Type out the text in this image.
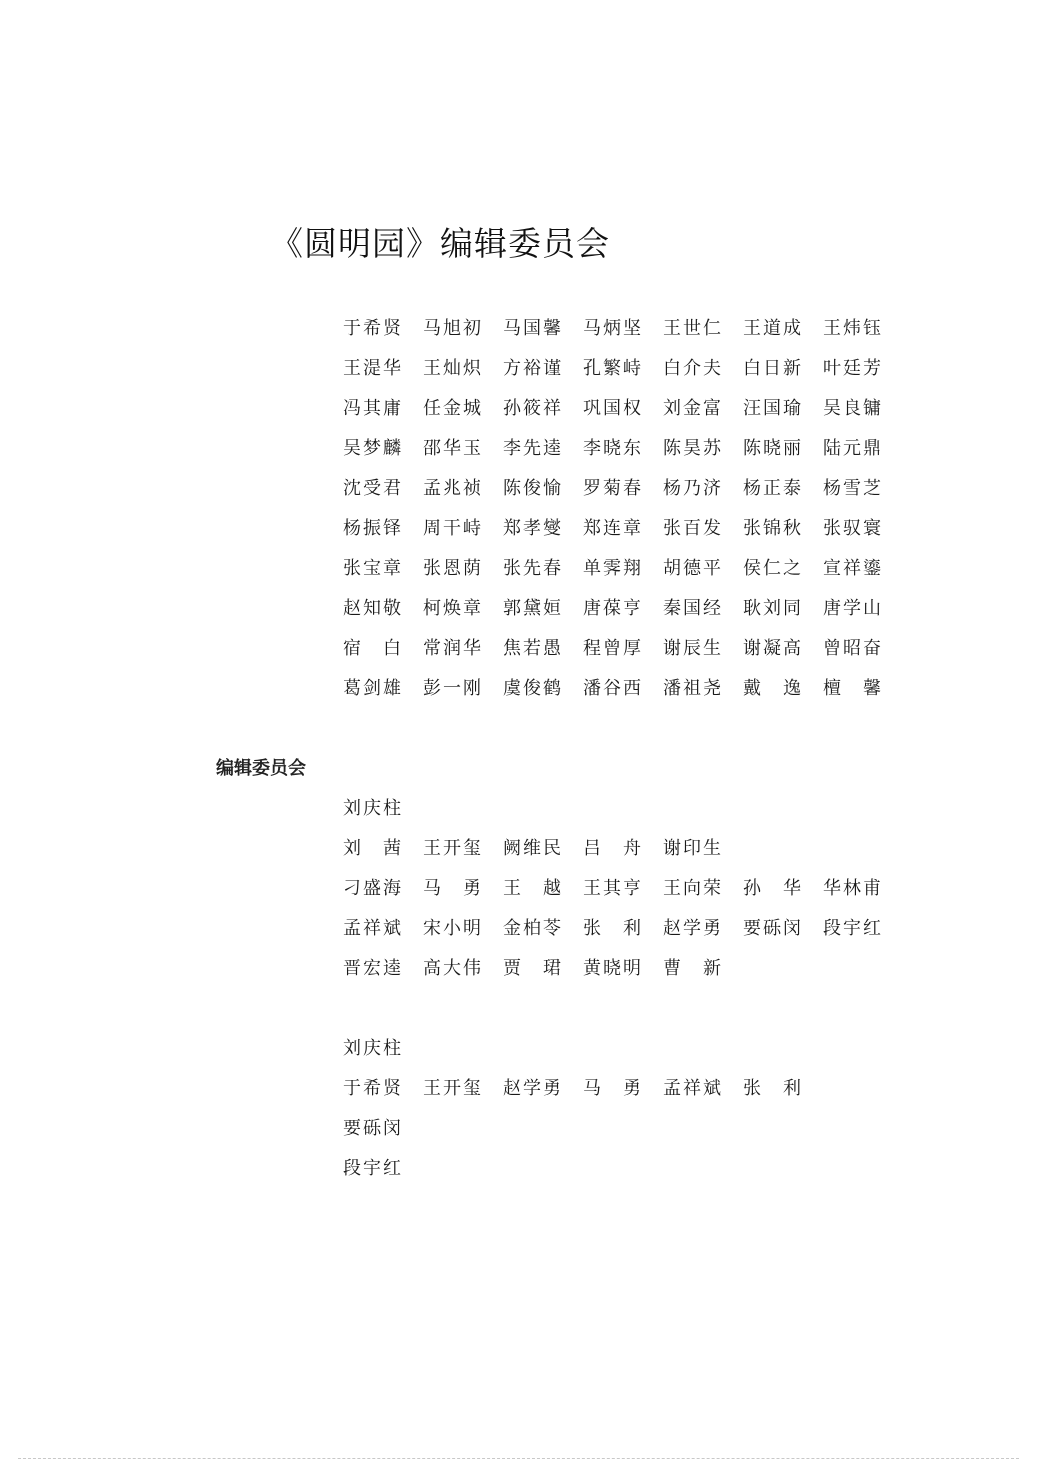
《圆明园》编辑委员会
编辑委员会
于希贤 马旭初 马国馨 马炳坚 王世仁 王道成 王炜钰
王湜华 王灿炽 方裕谨 孔繁峙 白介夫 白日新 叶廷芳
冯其庸 任金城 孙筱祥 巩国权 刘金富 汪国瑜 吴良镛
吴梦麟 邵华玉 李先逵 李晓东 陈昊苏 陈晓丽 陆元鼎
沈受君 孟兆祯 陈俊愉 罗菊春 杨乃济 杨正泰 杨雪芝
杨振铎 周干峙 郑孝燮 郑连章 张百发 张锦秋 张驭寰
张宝章 张恩荫 张先春 单霁翔 胡德平 侯仁之 宣祥鎏
赵知敬 柯焕章 郭黛姮 唐葆亨 秦国经 耿刘同 唐学山
宿 白 常润华 焦若愚 程曾厚 谢辰生 谢凝高 曾昭奋
葛剑雄 彭一刚 虞俊鹤 潘谷西 潘祖尧 戴 逸 檀 馨
刘庆柱
刘 茜 王开玺 阙维民 吕 舟 谢印生
刁盛海 马 勇 王 越 王其亨 王向荣 孙 华 华林甫
孟祥斌 宋小明 金柏苓 张 利 赵学勇 要砾闵 段宇红
晋宏逵 高大伟 贾 珺 黄晓明 曹 新
刘庆柱
于希贤 王开玺 赵学勇 马 勇 孟祥斌 张 利
要砾闵
段宇红
